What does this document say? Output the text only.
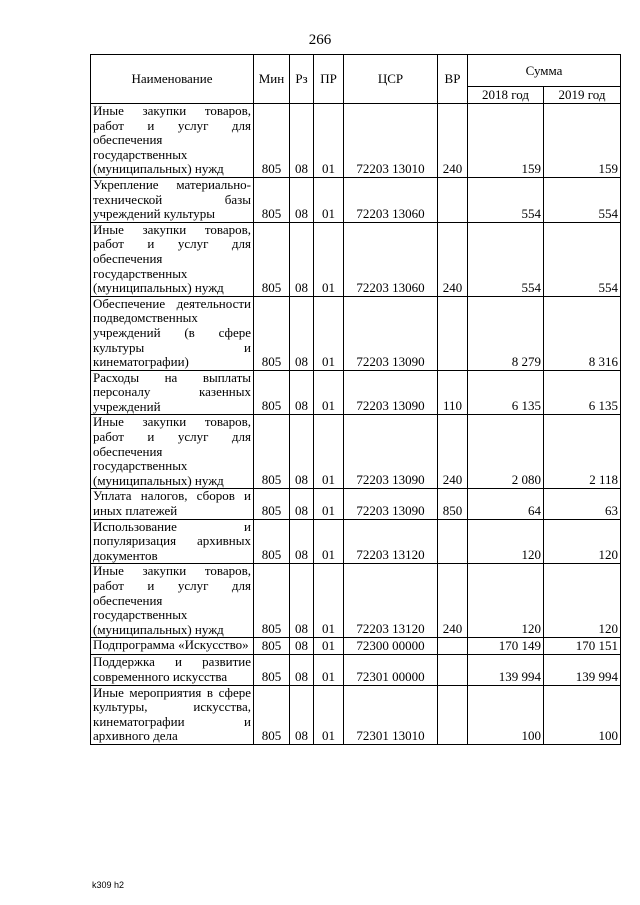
266
Наименование	Мин	Рз	ПР	ЦСР	ВР	Сумма	
						2018 год	2019 год
Иные закупки товаров, работ и услуг для обеспечения государственных (муниципальных) нужд	805	08	01	72203 13010	240	159	159
Укрепление материально-технической базы учреждений культуры	805	08	01	72203 13060		554	554
Иные закупки товаров, работ и услуг для обеспечения государственных (муниципальных) нужд	805	08	01	72203 13060	240	554	554
Обеспечение деятельности подведомственных учреждений (в сфере культуры и кинематографии)	805	08	01	72203 13090		8 279	8 316
Расходы на выплаты персоналу казенных учреждений	805	08	01	72203 13090	110	6 135	6 135
Иные закупки товаров, работ и услуг для обеспечения государственных (муниципальных) нужд	805	08	01	72203 13090	240	2 080	2 118
Уплата налогов, сборов и иных платежей	805	08	01	72203 13090	850	64	63
Использование и популяризация архивных документов	805	08	01	72203 13120		120	120
Иные закупки товаров, работ и услуг для обеспечения государственных (муниципальных) нужд	805	08	01	72203 13120	240	120	120
Подпрограмма «Искусство»	805	08	01	72300 00000		170 149	170 151
Поддержка и развитие современного искусства	805	08	01	72301 00000		139 994	139 994
Иные мероприятия в сфере культуры, искусства, кинематографии и архивного дела	805	08	01	72301 13010		100	100
k309 h2
